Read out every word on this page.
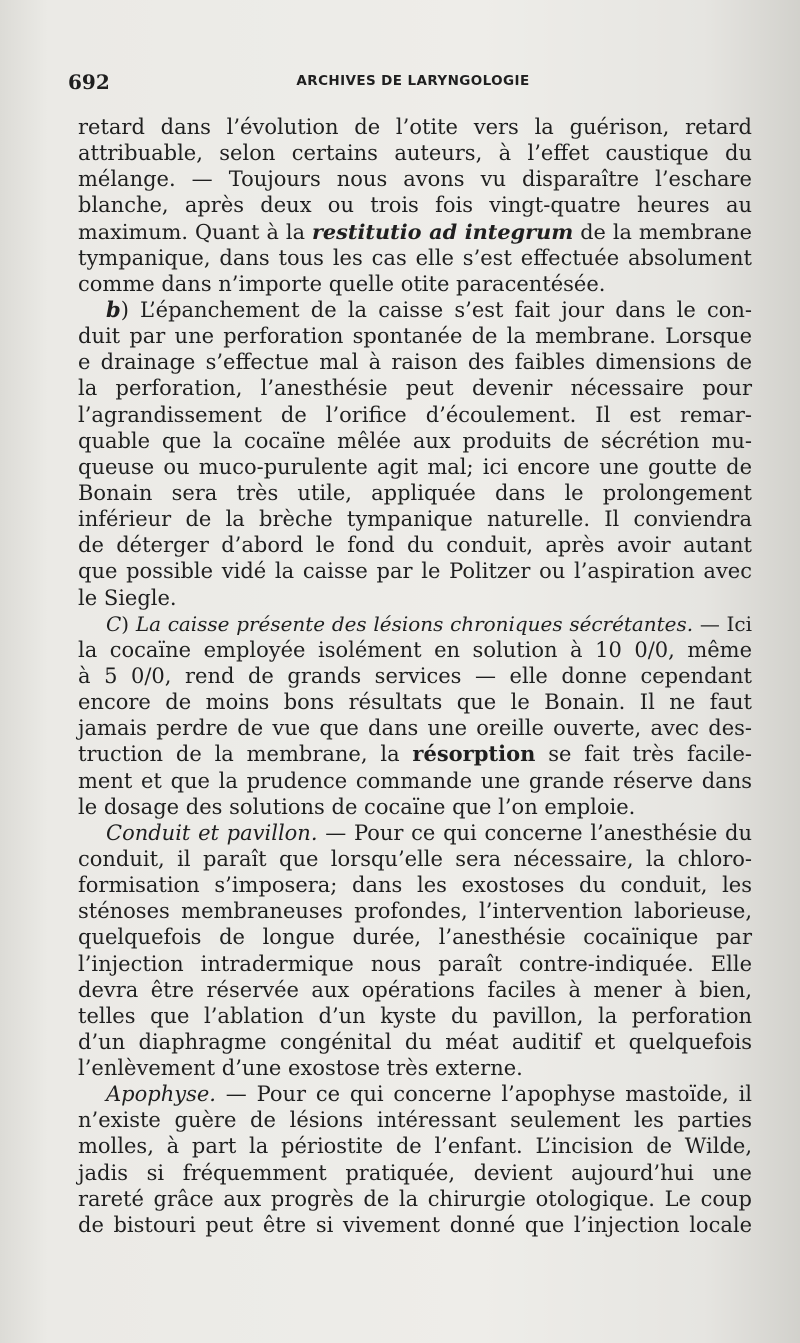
692	ARCHIVES DE LARYNGOLOGIE
retard dans l’évolution de l’otite vers la guérison, retard
attribuable, selon certains auteurs, à l’effet caustique du
mélange. — Toujours nous avons vu disparaître l’eschare
blanche, après deux ou trois fois vingt-quatre heures au
maximum. Quant à la restitutio ad integrum de la membrane
tympanique, dans tous les cas elle s’est effectuée absolument
comme dans n’importe quelle otite paracentésée.
b) L’épanchement de la caisse s’est fait jour dans le con-
duit par une perforation spontanée de la membrane. Lorsque
e drainage s’effectue mal à raison des faibles dimensions de
la perforation, l’anesthésie peut devenir nécessaire pour
l’agrandissement de l’orifice d’écoulement. Il est remar-
quable que la cocaïne mêlée aux produits de sécrétion mu-
queuse ou muco-purulente agit mal; ici encore une goutte de
Bonain sera très utile, appliquée dans le prolongement
inférieur de la brèche tympanique naturelle. Il conviendra
de déterger d’abord le fond du conduit, après avoir autant
que possible vidé la caisse par le Politzer ou l’aspiration avec
le Siegle.
C) La caisse présente des lésions chroniques sécrétantes. — Ici
la cocaïne employée isolément en solution à 10 0/0, même
à 5 0/0, rend de grands services — elle donne cependant
encore de moins bons résultats que le Bonain. Il ne faut
jamais perdre de vue que dans une oreille ouverte, avec des-
truction de la membrane, la résorption se fait très facile-
ment et que la prudence commande une grande réserve dans
le dosage des solutions de cocaïne que l’on emploie.
Conduit et pavillon. — Pour ce qui concerne l’anesthésie du
conduit, il paraît que lorsqu’elle sera nécessaire, la chloro-
formisation s’imposera; dans les exostoses du conduit, les
sténoses membraneuses profondes, l’intervention laborieuse,
quelquefois de longue durée, l’anesthésie cocaïnique par
l’injection intradermique nous paraît contre-indiquée. Elle
devra être réservée aux opérations faciles à mener à bien,
telles que l’ablation d’un kyste du pavillon, la perforation
d’un diaphragme congénital du méat auditif et quelquefois
l’enlèvement d’une exostose très externe.
Apophyse. — Pour ce qui concerne l’apophyse mastoïde, il
n’existe guère de lésions intéressant seulement les parties
molles, à part la périostite de l’enfant. L’incision de Wilde,
jadis si fréquemment pratiquée, devient aujourd’hui une
rareté grâce aux progrès de la chirurgie otologique. Le coup
de bistouri peut être si vivement donné que l’injection locale
